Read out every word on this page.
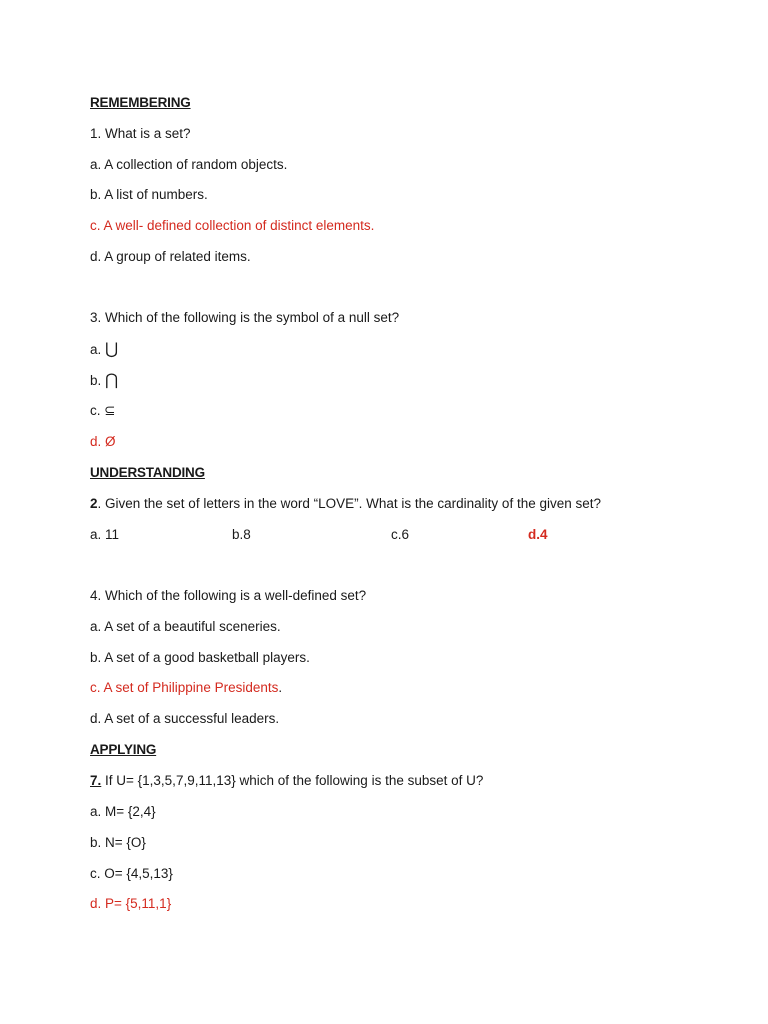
REMEMBERING
1. What is a set?
a. A collection of random objects.
b. A list of numbers.
c. A well- defined collection of distinct elements.
d. A group of related items.
3. Which of the following is the symbol of a null set?
a. ⋃
b. ⋂
c. ⊆
d. Ø
UNDERSTANDING
2. Given the set of letters in the word “LOVE”. What is the cardinality of the given set?
a. 11	b.8	c.6	d.4
4. Which of the following is a well-defined set?
a. A set of a beautiful sceneries.
b. A set of a good basketball players.
c. A set of Philippine Presidents.
d. A set of a successful leaders.
APPLYING
7. If U= {1,3,5,7,9,11,13} which of the following is the subset of U?
a. M= {2,4}
b. N= {O}
c. O= {4,5,13}
d. P= {5,11,1}
